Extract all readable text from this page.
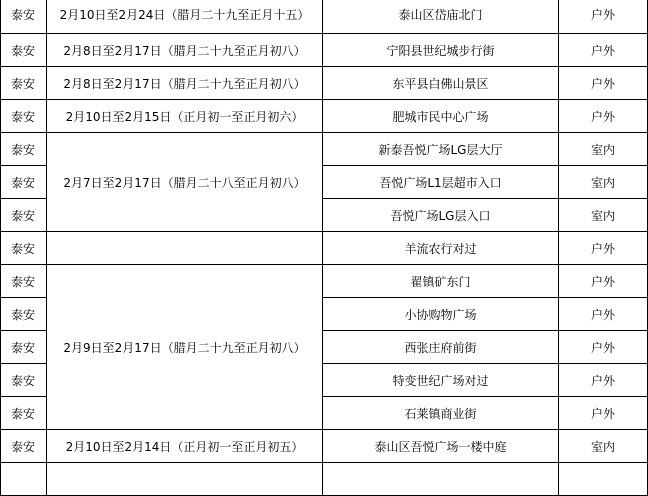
泰安	2月10日至2月24日（腊月二十九至正月十五）	泰山区岱庙北门	户外
泰安	2月8日至2月17日（腊月二十九至正月初八）	宁阳县世纪城步行街	户外
泰安	2月8日至2月17日（腊月二十九至正月初八）	东平县白佛山景区	户外
泰安	2月10日至2月15日（正月初一至正月初六）	肥城市民中心广场	户外
泰安	2月7日至2月17日（腊月二十八至正月初八）	新泰吾悦广场LG层大厅	室内
泰安		吾悦广场L1层超市入口	室内
泰安		吾悦广场LG层入口	室内
泰安		羊流农行对过	户外
泰安	2月9日至2月17日（腊月二十九至正月初八）	翟镇矿东门	户外
泰安		小协购物广场	户外
泰安		西张庄府前街	户外
泰安		特变世纪广场对过	户外
泰安		石莱镇商业街	户外
泰安	2月10日至2月14日（正月初一至正月初五）	泰山区吾悦广场一楼中庭	室内
